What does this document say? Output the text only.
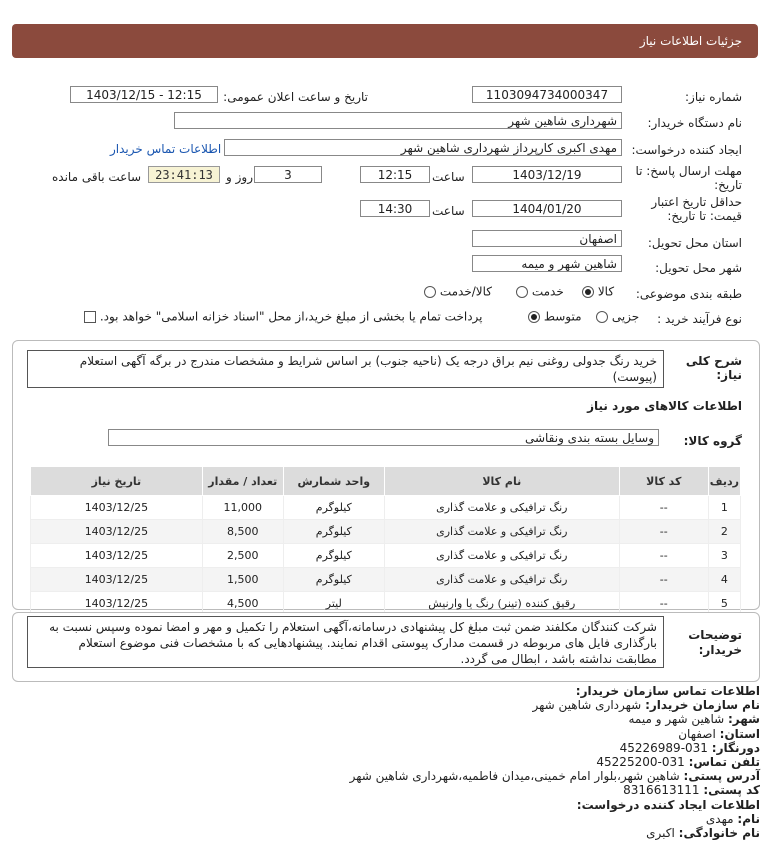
جزئیات اطلاعات نیاز
شماره نیاز:
1103094734000347
تاریخ و ساعت اعلان عمومی:
1403/12/15 - 12:15
نام دستگاه خریدار:
شهرداری شاهین شهر
ایجاد کننده درخواست:
مهدی اکبری کارپرداز شهرداری شاهین شهر
اطلاعات تماس خریدار
مهلت ارسال پاسخ: تا
تاریخ:
1403/12/19
ساعت
12:15
3
روز و
23:41:13
ساعت باقی مانده
حداقل تاریخ اعتبار
قیمت: تا تاریخ:
1404/01/20
ساعت
14:30
استان محل تحویل:
اصفهان
شهر محل تحویل:
شاهین شهر و میمه
طبقه بندی موضوعی:
کالا
خدمت
کالا/خدمت
نوع فرآیند خرید :
جزیی
متوسط
پرداخت تمام یا بخشی از مبلغ خرید،از محل "اسناد خزانه اسلامی" خواهد بود.
شرح کلی
نیاز:
خرید رنگ جدولی روغنی نیم براق درجه یک (ناحیه جنوب) بر اساس شرایط و مشخصات مندرج در برگه آگهی استعلام (پیوست)
اطلاعات کالاهای مورد نیاز
گروه کالا:
وسایل بسته بندی ونقاشی
ردیف	کد کالا	نام کالا	واحد شمارش	تعداد / مقدار	تاریخ نیاز
1	--	رنگ ترافیکی و علامت گذاری	کیلوگرم	11,000	1403/12/25
2	--	رنگ ترافیکی و علامت گذاری	کیلوگرم	8,500	1403/12/25
3	--	رنگ ترافیکی و علامت گذاری	کیلوگرم	2,500	1403/12/25
4	--	رنگ ترافیکی و علامت گذاری	کیلوگرم	1,500	1403/12/25
5	--	رقیق کننده (تینر) رنگ یا وارنیش	لیتر	4,500	1403/12/25
توضیحات
خریدار:
شرکت کنندگان مکلفند ضمن ثبت مبلغ کل پیشنهادی درسامانه،آگهی استعلام را تکمیل و مهر و امضا نموده وسپس نسبت به بارگذاری فایل های مربوطه در قسمت مدارک پیوستی اقدام نمایند. پیشنهادهایی که با مشخصات فنی موضوع استعلام مطابقت نداشته باشد ، ابطال می گردد.
اطلاعات تماس سازمان خریدار:
نام سازمان خریدار: شهرداری شاهین شهر
شهر: شاهین شهر و میمه
استان: اصفهان
دورنگار: 031-45226989
تلفن تماس: 031-45225200
آدرس پستی: شاهین شهر،بلوار امام خمینی،میدان فاطمیه،شهرداری شاهین شهر
کد پستی: 8316613111
اطلاعات ایجاد کننده درخواست:
نام: مهدی
نام خانوادگی: اکبری
